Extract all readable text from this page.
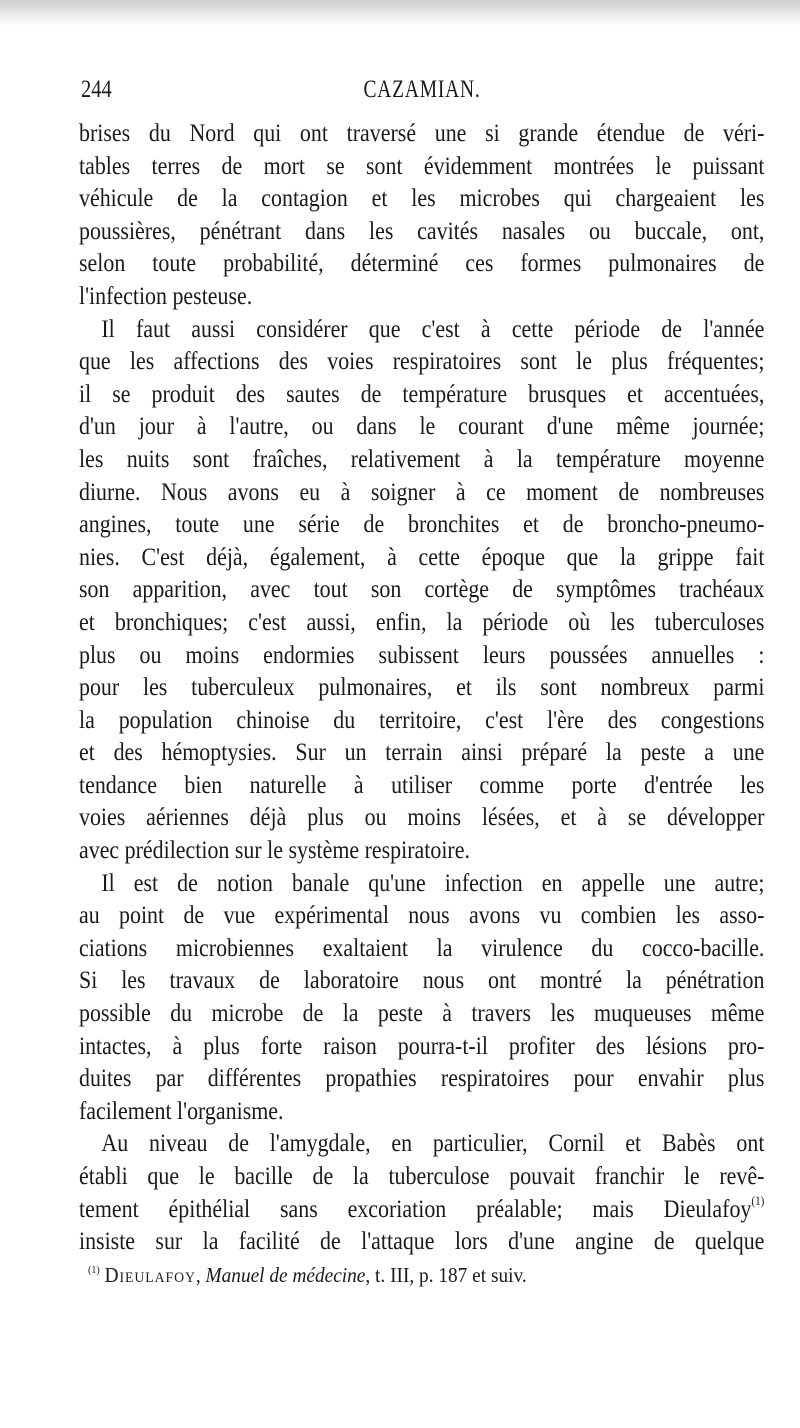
244	CAZAMIAN.
brises du Nord qui ont traversé une si grande étendue de véri-
tables terres de mort se sont évidemment montrées le puissant
véhicule de la contagion et les microbes qui chargeaient les
poussières, pénétrant dans les cavités nasales ou buccale, ont,
selon toute probabilité, déterminé ces formes pulmonaires de
l'infection pesteuse.
Il faut aussi considérer que c'est à cette période de l'année
que les affections des voies respiratoires sont le plus fréquentes;
il se produit des sautes de température brusques et accentuées,
d'un jour à l'autre, ou dans le courant d'une même journée;
les nuits sont fraîches, relativement à la température moyenne
diurne. Nous avons eu à soigner à ce moment de nombreuses
angines, toute une série de bronchites et de broncho-pneumo-
nies. C'est déjà, également, à cette époque que la grippe fait
son apparition, avec tout son cortège de symptômes trachéaux
et bronchiques; c'est aussi, enfin, la période où les tuberculoses
plus ou moins endormies subissent leurs poussées annuelles :
pour les tuberculeux pulmonaires, et ils sont nombreux parmi
la population chinoise du territoire, c'est l'ère des congestions
et des hémoptysies. Sur un terrain ainsi préparé la peste a une
tendance bien naturelle à utiliser comme porte d'entrée les
voies aériennes déjà plus ou moins lésées, et à se développer
avec prédilection sur le système respiratoire.
Il est de notion banale qu'une infection en appelle une autre;
au point de vue expérimental nous avons vu combien les asso-
ciations microbiennes exaltaient la virulence du cocco-bacille.
Si les travaux de laboratoire nous ont montré la pénétration
possible du microbe de la peste à travers les muqueuses même
intactes, à plus forte raison pourra-t-il profiter des lésions pro-
duites par différentes propathies respiratoires pour envahir plus
facilement l'organisme.
Au niveau de l'amygdale, en particulier, Cornil et Babès ont
établi que le bacille de la tuberculose pouvait franchir le revê-
tement épithélial sans excoriation préalable; mais Dieulafoy$^{(1)}$
insiste sur la facilité de l'attaque lors d'une angine de quelque
$^{(1)}$ Dieulafoy, Manuel de médecine, t. III, p. 187 et suiv.
